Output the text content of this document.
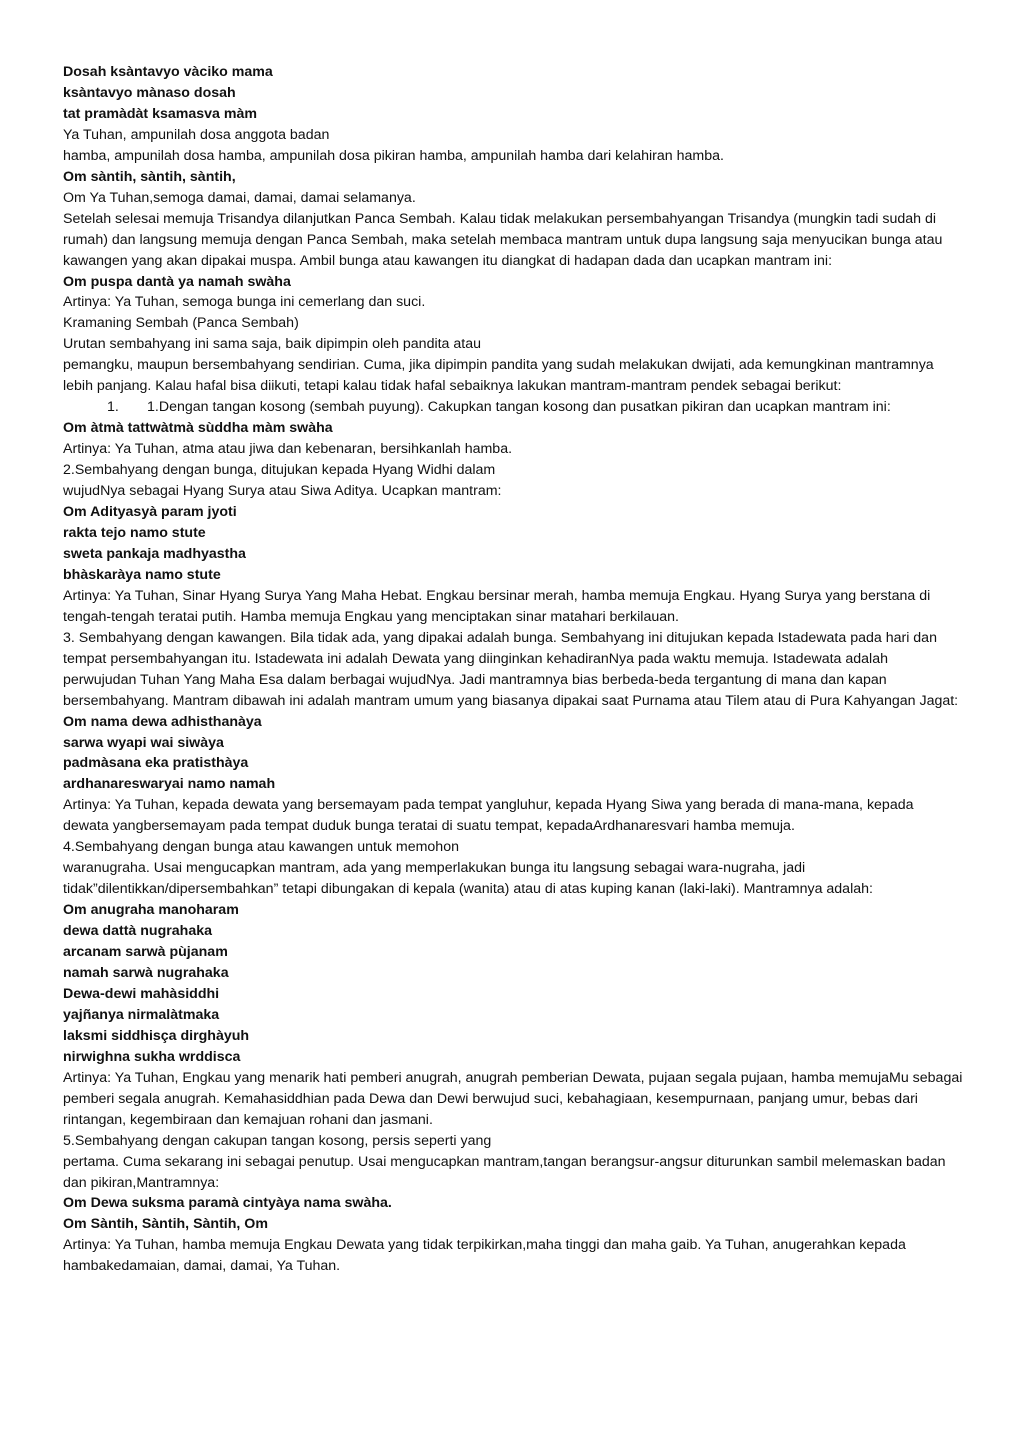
Dosah ksàntavyo vàciko mama
ksàntavyo mànaso dosah
tat pramàdàt ksamasva màm
Ya Tuhan, ampunilah dosa anggota badan
hamba, ampunilah dosa hamba, ampunilah dosa pikiran hamba, ampunilah hamba dari kelahiran hamba.
Om sàntih, sàntih, sàntih,
Om Ya Tuhan,semoga damai, damai, damai selamanya.
Setelah selesai memuja Trisandya dilanjutkan Panca Sembah. Kalau tidak melakukan persembahyangan Trisandya (mungkin tadi sudah di rumah) dan langsung memuja dengan Panca Sembah, maka setelah membaca mantram untuk dupa langsung saja menyucikan bunga atau kawangen yang akan dipakai muspa. Ambil bunga atau kawangen itu diangkat di hadapan dada dan ucapkan mantram ini:
Om puspa dantà ya namah swàha
Artinya: Ya Tuhan, semoga bunga ini cemerlang dan suci.
Kramaning Sembah (Panca Sembah)
Urutan sembahyang ini sama saja, baik dipimpin oleh pandita atau
pemangku, maupun bersembahyang sendirian. Cuma, jika dipimpin pandita yang sudah melakukan dwijati, ada kemungkinan mantramnya lebih panjang. Kalau hafal bisa diikuti, tetapi kalau tidak hafal sebaiknya lakukan mantram-mantram pendek sebagai berikut:
1. 1.Dengan tangan kosong (sembah puyung). Cakupkan tangan kosong dan pusatkan pikiran dan ucapkan mantram ini:
Om àtmà tattwàtmà sùddha màm swàha
Artinya: Ya Tuhan, atma atau jiwa dan kebenaran, bersihkanlah hamba.
2.Sembahyang dengan bunga, ditujukan kepada Hyang Widhi dalam
wujudNya sebagai Hyang Surya atau Siwa Aditya. Ucapkan mantram:
Om Adityasyà param jyoti
rakta tejo namo stute
sweta pankaja madhyastha
bhàskaràya namo stute
Artinya: Ya Tuhan, Sinar Hyang Surya Yang Maha Hebat. Engkau bersinar merah, hamba memuja Engkau. Hyang Surya yang berstana di tengah-tengah teratai putih. Hamba memuja Engkau yang menciptakan sinar matahari berkilauan.
3. Sembahyang dengan kawangen. Bila tidak ada, yang dipakai adalah bunga. Sembahyang ini ditujukan kepada Istadewata pada hari dan tempat persembahyangan itu. Istadewata ini adalah Dewata yang diinginkan kehadiranNya pada waktu memuja. Istadewata adalah perwujudan Tuhan Yang Maha Esa dalam berbagai wujudNya. Jadi mantramnya bias berbeda-beda tergantung di mana dan kapan bersembahyang. Mantram dibawah ini adalah mantram umum yang biasanya dipakai saat Purnama atau Tilem atau di Pura Kahyangan Jagat:
Om nama dewa adhisthanàya
sarwa wyapi wai siwàya
padmàsana eka pratisthàya
ardhanareswaryai namo namah
Artinya: Ya Tuhan, kepada dewata yang bersemayam pada tempat yangluhur, kepada Hyang Siwa yang berada di mana-mana, kepada dewata yangbersemayam pada tempat duduk bunga teratai di suatu tempat, kepadaArdhanaresvari hamba memuja.
4.Sembahyang dengan bunga atau kawangen untuk memohon
waranugraha. Usai mengucapkan mantram, ada yang memperlakukan bunga itu langsung sebagai wara-nugraha, jadi tidak”dilentikkan/dipersembahkan” tetapi dibungakan di kepala (wanita) atau di atas kuping kanan (laki-laki). Mantramnya adalah:
Om anugraha manoharam
dewa dattà nugrahaka
arcanam sarwà pùjanam
namah sarwà nugrahaka
Dewa-dewi mahàsiddhi
yajñanya nirmalàtmaka
laksmi siddhisça dirghàyuh
nirwighna sukha wrddisca
Artinya: Ya Tuhan, Engkau yang menarik hati pemberi anugrah, anugrah pemberian Dewata, pujaan segala pujaan, hamba memujaMu sebagai pemberi segala anugrah. Kemahasiddhian pada Dewa dan Dewi berwujud suci, kebahagiaan, kesempurnaan, panjang umur, bebas dari rintangan, kegembiraan dan kemajuan rohani dan jasmani.
5.Sembahyang dengan cakupan tangan kosong, persis seperti yang
pertama. Cuma sekarang ini sebagai penutup. Usai mengucapkan mantram,tangan berangsur-angsur diturunkan sambil melemaskan badan dan pikiran,Mantramnya:
Om Dewa suksma paramà cintyàya nama swàha.
Om Sàntih, Sàntih, Sàntih, Om
Artinya: Ya Tuhan, hamba memuja Engkau Dewata yang tidak terpikirkan,maha tinggi dan maha gaib. Ya Tuhan, anugerahkan kepada hambakedamaian, damai, damai, Ya Tuhan.
